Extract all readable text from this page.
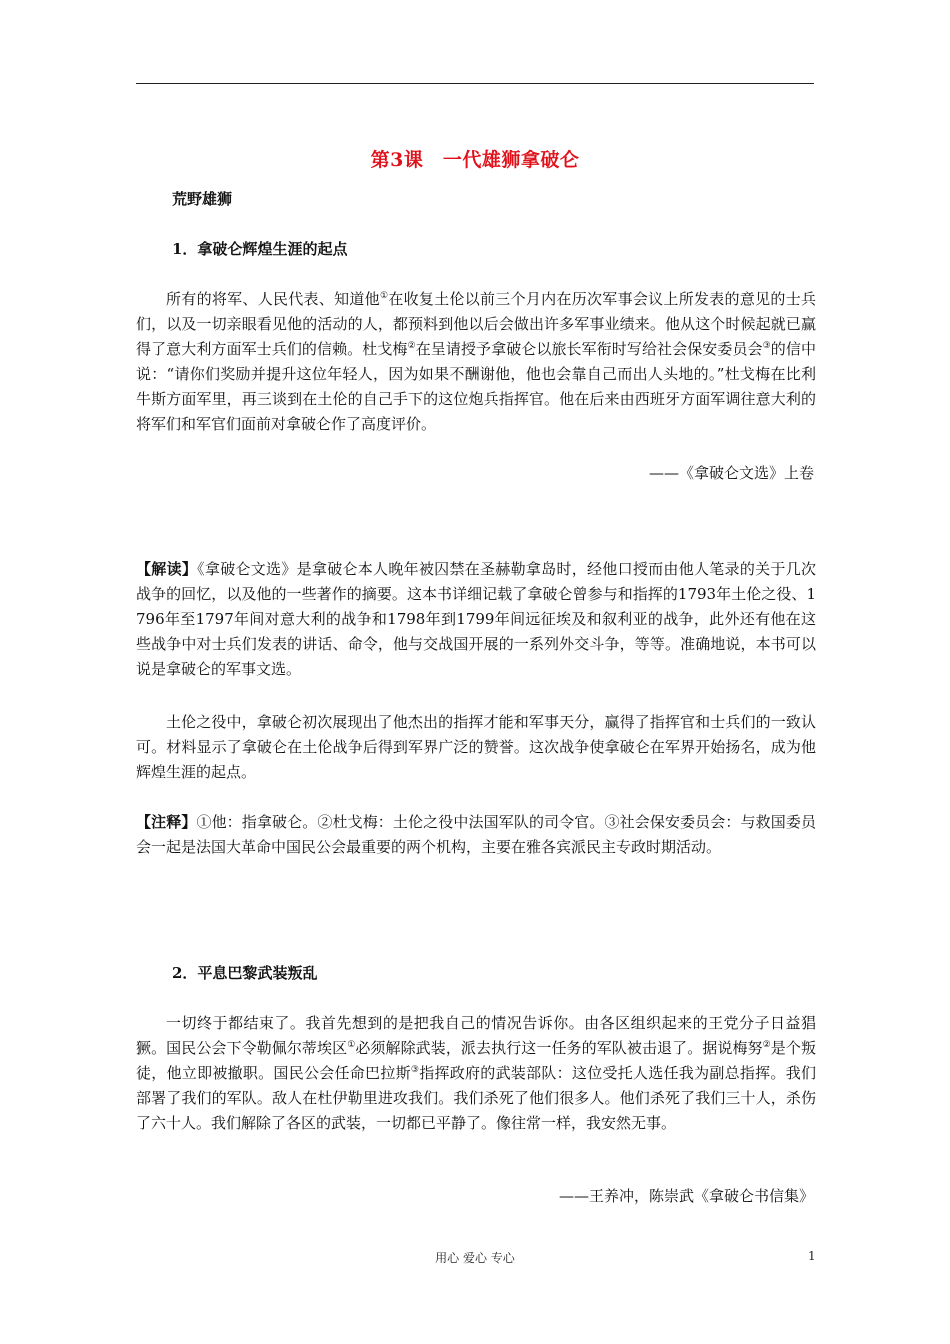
第3课　一代雄狮拿破仑
荒野雄狮
1．拿破仑辉煌生涯的起点

所有的将军、人民代表、知道他①在收复土伦以前三个月内在历次军事会议上所发表的意见的士兵们，以及一切亲眼看见他的活动的人，都预料到他以后会做出许多军事业绩来。他从这个时候起就已赢得了意大利方面军士兵们的信赖。杜戈梅②在呈请授予拿破仑以旅长军衔时写给社会保安委员会③的信中说：“请你们奖励并提升这位年轻人，因为如果不酬谢他，他也会靠自己而出人头地的。”杜戈梅在比利牛斯方面军里，再三谈到在土伦的自己手下的这位炮兵指挥官。他在后来由西班牙方面军调往意大利的将军们和军官们面前对拿破仑作了高度评价。

——《拿破仑文选》上卷

【解读】《拿破仑文选》是拿破仑本人晚年被囚禁在圣赫勒拿岛时，经他口授而由他人笔录的关于几次战争的回忆，以及他的一些著作的摘要。这本书详细记载了拿破仑曾参与和指挥的1793年土伦之役、1796年至1797年间对意大利的战争和1798年到1799年间远征埃及和叙利亚的战争，此外还有他在这些战争中对士兵们发表的讲话、命令，他与交战国开展的一系列外交斗争，等等。准确地说，本书可以说是拿破仑的军事文选。

土伦之役中，拿破仑初次展现出了他杰出的指挥才能和军事天分，赢得了指挥官和士兵们的一致认可。材料显示了拿破仑在土伦战争后得到军界广泛的赞誉。这次战争使拿破仑在军界开始扬名，成为他辉煌生涯的起点。

【注释】①他：指拿破仑。②杜戈梅：土伦之役中法国军队的司令官。③社会保安委员会：与救国委员会一起是法国大革命中国民公会最重要的两个机构，主要在雅各宾派民主专政时期活动。

2．平息巴黎武装叛乱

一切终于都结束了。我首先想到的是把我自己的情况告诉你。由各区组织起来的王党分子日益猖獗。国民公会下令勒佩尔蒂埃区①必须解除武装，派去执行这一任务的军队被击退了。据说梅努②是个叛徒，他立即被撤职。国民公会任命巴拉斯③指挥政府的武装部队：这位受托人选任我为副总指挥。我们部署了我们的军队。敌人在杜伊勒里进攻我们。我们杀死了他们很多人。他们杀死了我们三十人，杀伤了六十人。我们解除了各区的武装，一切都已平静了。像往常一样，我安然无事。

——王养冲，陈崇武《拿破仑书信集》
用心 爱心 专心	1
